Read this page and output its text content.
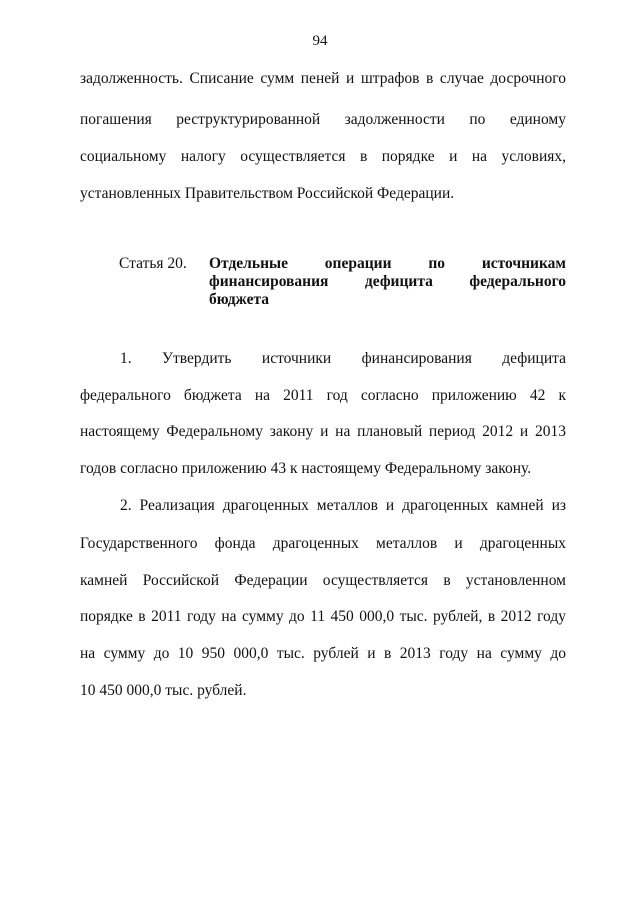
94
задолженность. Списание сумм пеней и штрафов в случае досрочного
погашения реструктурированной задолженности по единому
социальному налогу осуществляется в порядке и на условиях,
установленных Правительством Российской Федерации.
Статья 20. Отдельные операции по источникам
финансирования дефицита федерального
бюджета
1. Утвердить источники финансирования дефицита
федерального бюджета на 2011 год согласно приложению 42 к
настоящему Федеральному закону и на плановый период 2012 и 2013
годов согласно приложению 43 к настоящему Федеральному закону.
2. Реализация драгоценных металлов и драгоценных камней из
Государственного фонда драгоценных металлов и драгоценных
камней Российской Федерации осуществляется в установленном
порядке в 2011 году на сумму до 11 450 000,0 тыс. рублей, в 2012 году
на сумму до 10 950 000,0 тыс. рублей и в 2013 году на сумму до
10 450 000,0 тыс. рублей.
